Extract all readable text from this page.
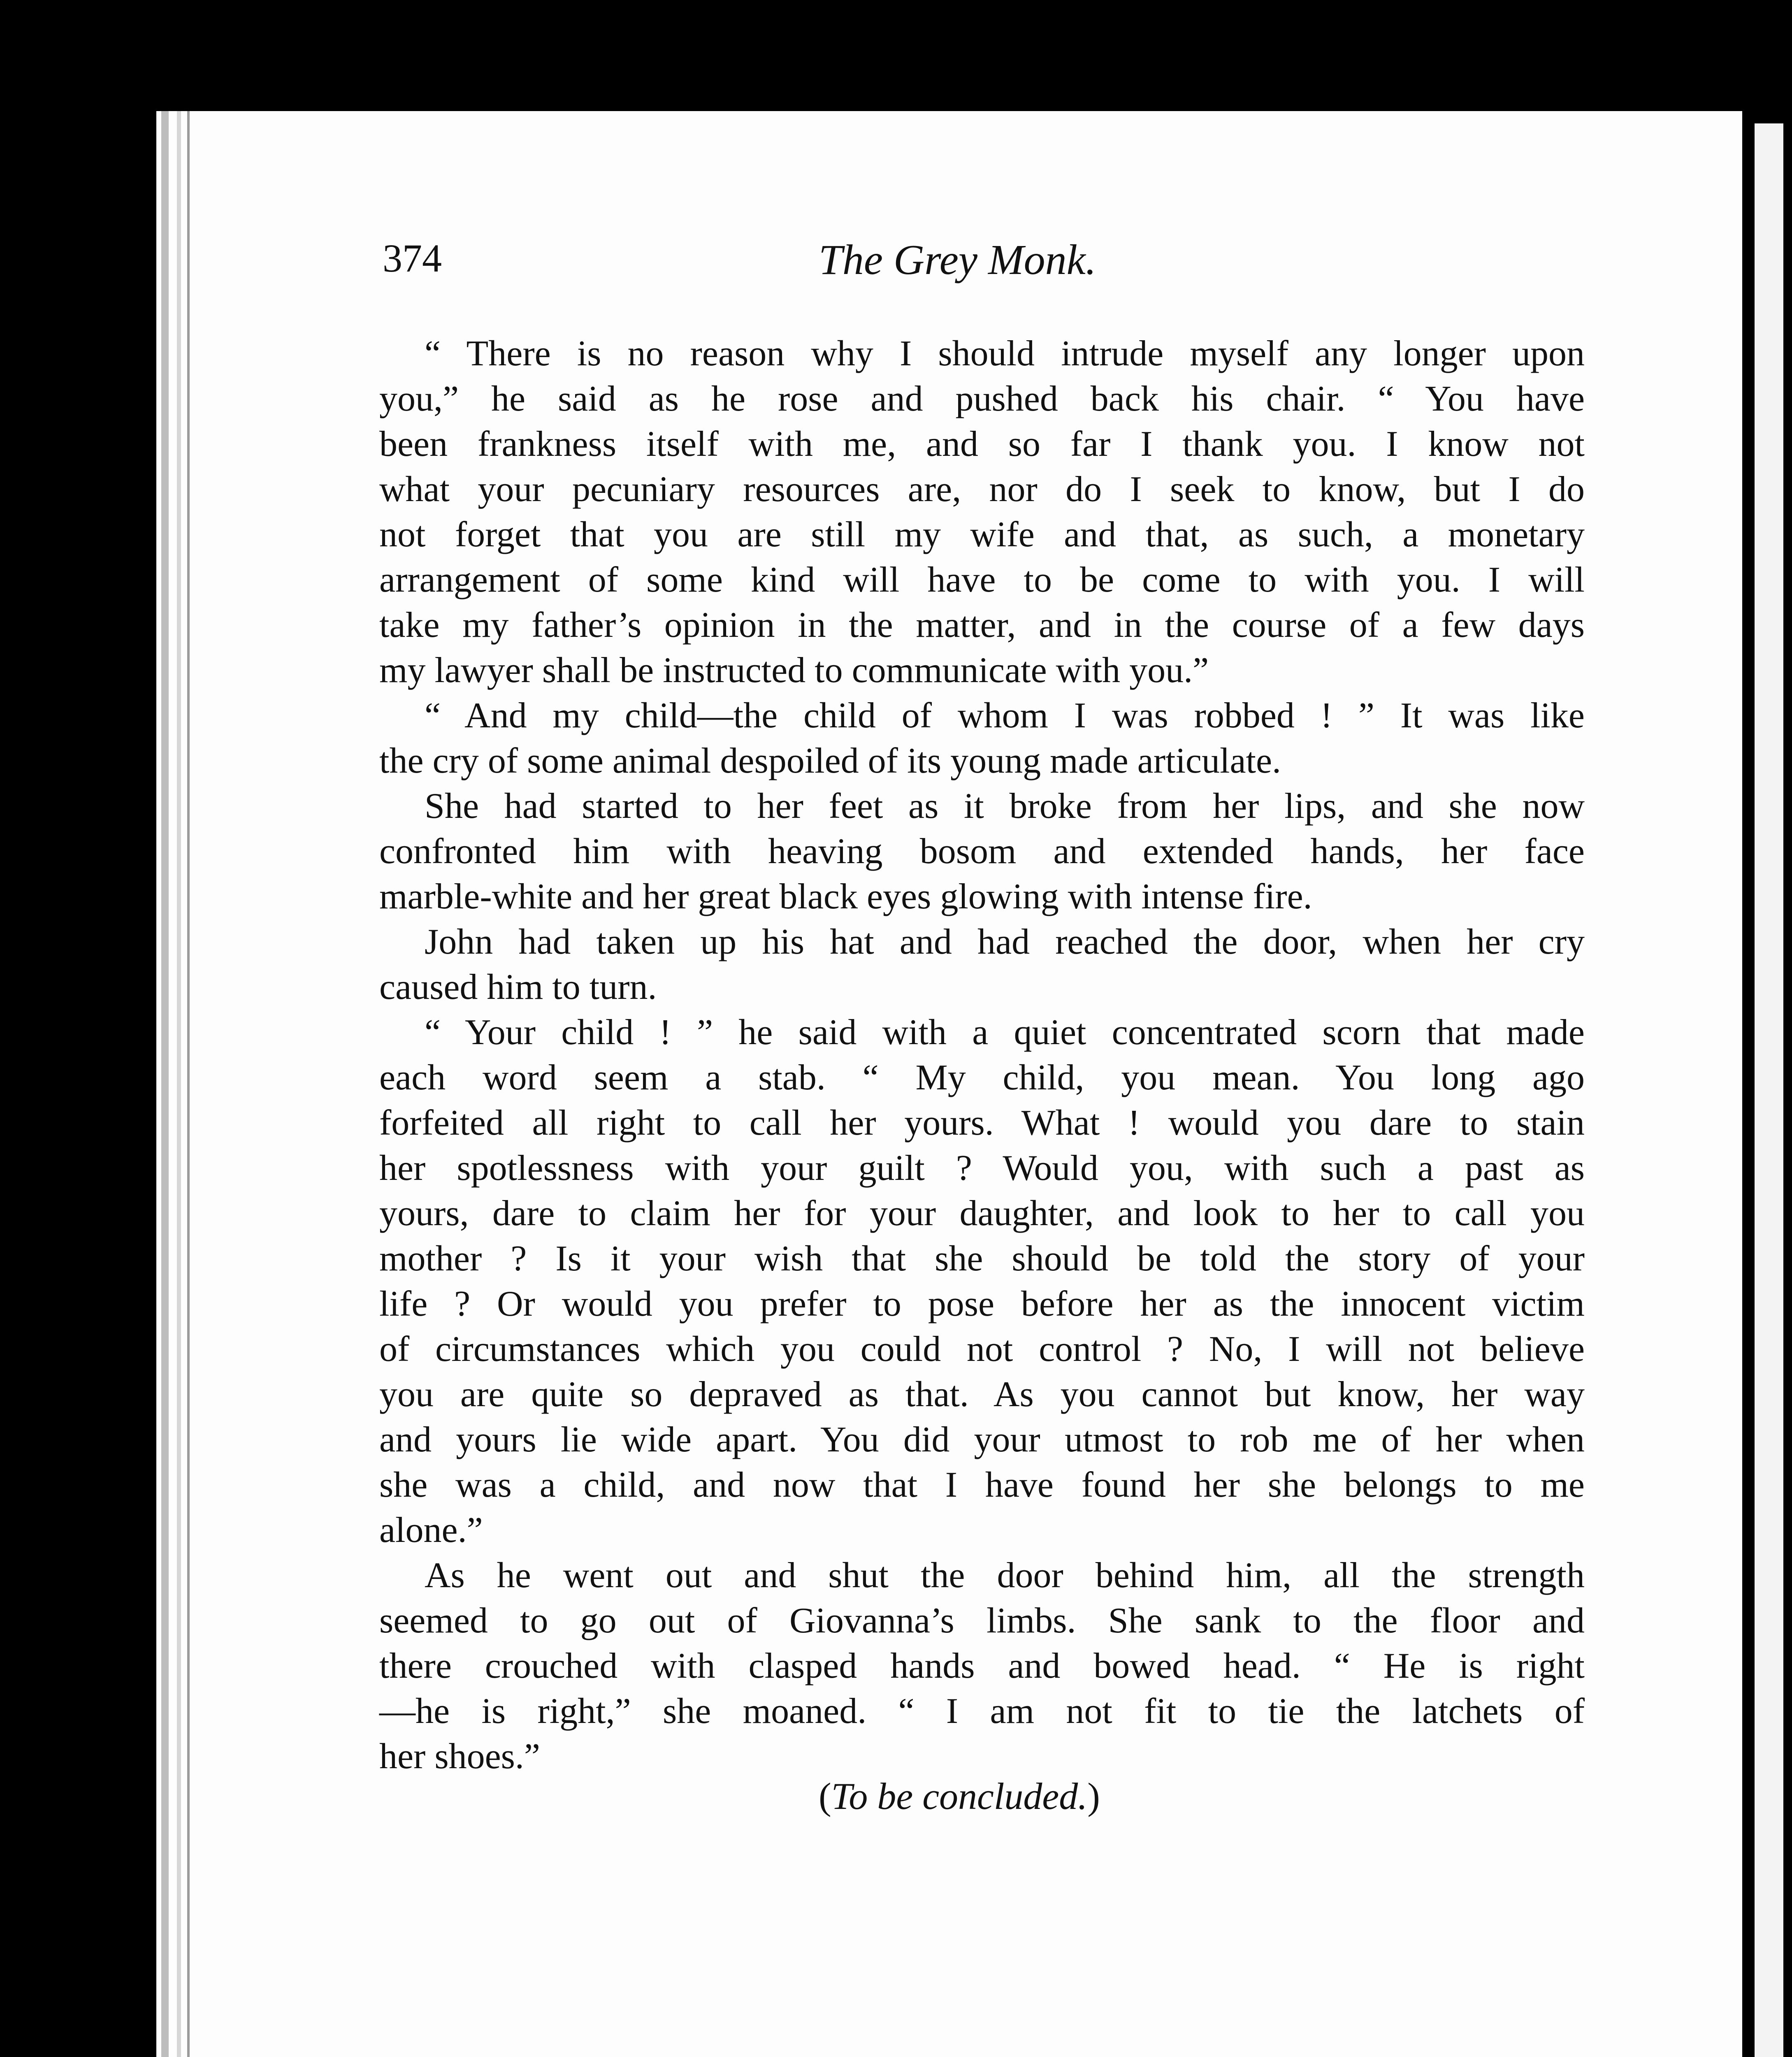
374	The Grey Monk.
“ There is no reason why I should intrude myself any longer upon
you,” he said as he rose and pushed back his chair. “ You have
been frankness itself with me, and so far I thank you. I know not
what your pecuniary resources are, nor do I seek to know, but I do
not forget that you are still my wife and that, as such, a monetary
arrangement of some kind will have to be come to with you. I will
take my father’s opinion in the matter, and in the course of a few days
my lawyer shall be instructed to communicate with you.”
“ And my child—the child of whom I was robbed ! ” It was like
the cry of some animal despoiled of its young made articulate.
She had started to her feet as it broke from her lips, and she now
confronted him with heaving bosom and extended hands, her face
marble-white and her great black eyes glowing with intense fire.
John had taken up his hat and had reached the door, when her cry
caused him to turn.
“ Your child ! ” he said with a quiet concentrated scorn that made
each word seem a stab. “ My child, you mean. You long ago
forfeited all right to call her yours. What ! would you dare to stain
her spotlessness with your guilt ? Would you, with such a past as
yours, dare to claim her for your daughter, and look to her to call you
mother ? Is it your wish that she should be told the story of your
life ? Or would you prefer to pose before her as the innocent victim
of circumstances which you could not control ? No, I will not believe
you are quite so depraved as that. As you cannot but know, her way
and yours lie wide apart. You did your utmost to rob me of her when
she was a child, and now that I have found her she belongs to me
alone.”
As he went out and shut the door behind him, all the strength
seemed to go out of Giovanna’s limbs. She sank to the floor and
there crouched with clasped hands and bowed head. “ He is right
—he is right,” she moaned. “ I am not fit to tie the latchets of
her shoes.”
(To be concluded.)
